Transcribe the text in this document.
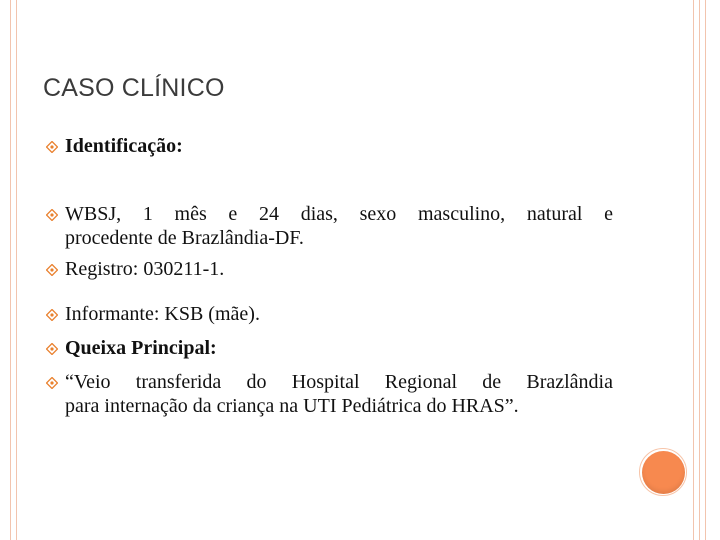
CASO CLÍNICO
Identificação:
WBSJ, 1 mês e 24 dias, sexo masculino, natural e
procedente de Brazlândia-DF.
Registro: 030211-1.
Informante: KSB (mãe).
Queixa Principal:
“Veio transferida do Hospital Regional de Brazlândia
para internação da criança na UTI Pediátrica do HRAS”.
